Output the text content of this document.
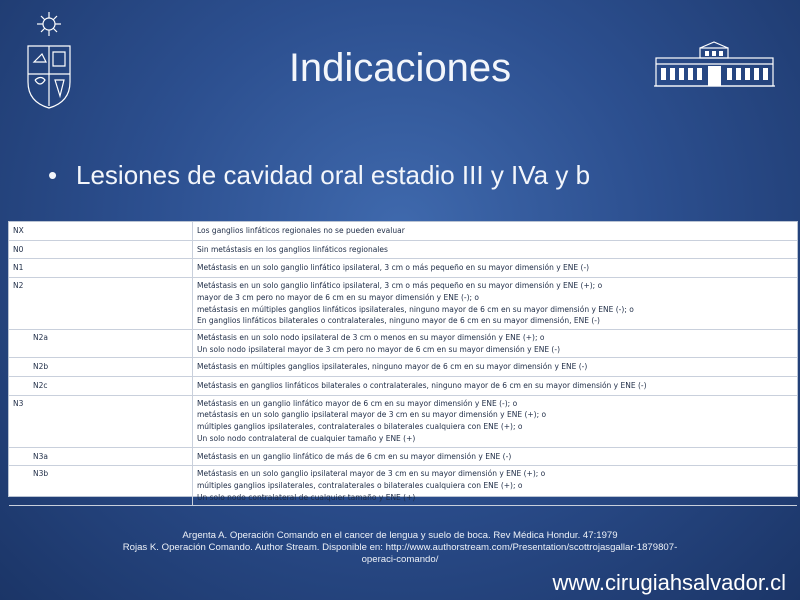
Indicaciones
• Lesiones de cavidad oral estadio III y IVa y b
NX	Los ganglios linfáticos regionales no se pueden evaluar

N0	Sin metástasis en los ganglios linfáticos regionales

N1	Metástasis en un solo ganglio linfático ipsilateral, 3 cm o más pequeño en su mayor dimensión y ENE (-)

N2	Metástasis en un solo ganglio linfático ipsilateral, 3 cm o más pequeño en su mayor dimensión y ENE (+); o
mayor de 3 cm pero no mayor de 6 cm en su mayor dimensión y ENE (-); o
metástasis en múltiples ganglios linfáticos ipsilaterales, ninguno mayor de 6 cm en su mayor dimensión y ENE (-); o
En ganglios linfáticos bilaterales o contralaterales, ninguno mayor de 6 cm en su mayor dimensión, ENE (-)

N2a	Metástasis en un solo nodo ipsilateral de 3 cm o menos en su mayor dimensión y ENE (+); o
Un solo nodo ipsilateral mayor de 3 cm pero no mayor de 6 cm en su mayor dimensión y ENE (-)

N2b	Metástasis en múltiples ganglios ipsilaterales, ninguno mayor de 6 cm en su mayor dimensión y ENE (-)

N2c	Metástasis en ganglios linfáticos bilaterales o contralaterales, ninguno mayor de 6 cm en su mayor dimensión y ENE (-)

N3	Metástasis en un ganglio linfático mayor de 6 cm en su mayor dimensión y ENE (-); o
metástasis en un solo ganglio ipsilateral mayor de 3 cm en su mayor dimensión y ENE (+); o
múltiples ganglios ipsilaterales, contralaterales o bilaterales cualquiera con ENE (+); o
Un solo nodo contralateral de cualquier tamaño y ENE (+)

N3a	Metástasis en un ganglio linfático de más de 6 cm en su mayor dimensión y ENE (-)

N3b	Metástasis en un solo ganglio ipsilateral mayor de 3 cm en su mayor dimensión y ENE (+); o
múltiples ganglios ipsilaterales, contralaterales o bilaterales cualquiera con ENE (+); o
Un solo nodo contralateral de cualquier tamaño y ENE (+)
Argenta A. Operación Comando en el cancer de lengua y suelo de boca. Rev Médica Hondur. 47:1979
Rojas K. Operación Comando. Author Stream. Disponible en: http://www.authorstream.com/Presentation/scottrojasgallar-1879807-
operaci-comando/
www.cirugiahsalvador.cl
